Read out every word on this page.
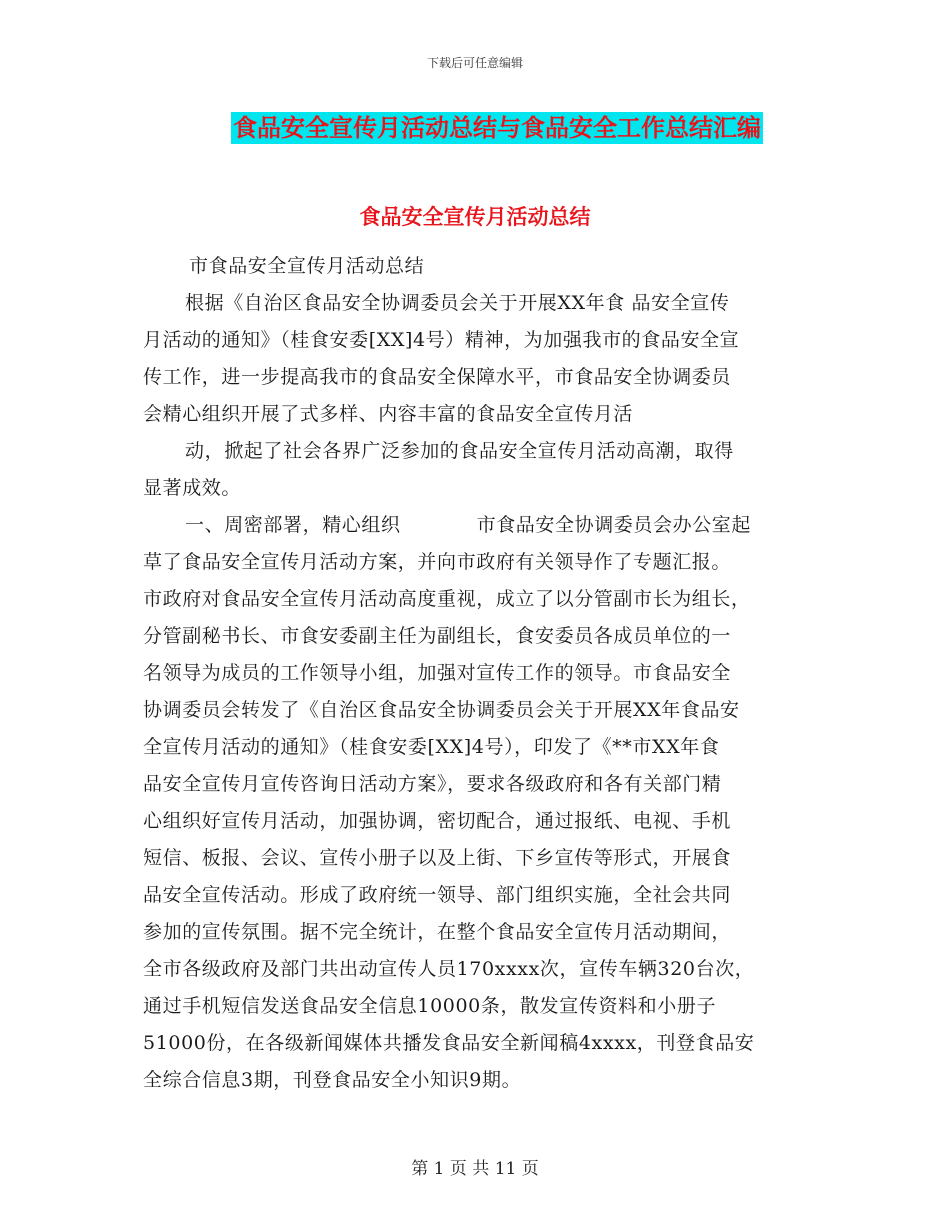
下载后可任意编辑
食品安全宣传月活动总结与食品安全工作总结汇编
食品安全宣传月活动总结
市食品安全宣传月活动总结
根据《自治区食品安全协调委员会关于开展XX年食 品安全宣传
月活动的通知》（桂食安委[XX]4号）精神，为加强我市的食品安全宣
传工作，进一步提高我市的食品安全保障水平，市食品安全协调委员
会精心组织开展了式多样、内容丰富的食品安全宣传月活
动，掀起了社会各界广泛参加的食品安全宣传月活动高潮，取得
显著成效。
一、周密部署，精心组织	市食品安全协调委员会办公室起
草了食品安全宣传月活动方案，并向市政府有关领导作了专题汇报。
市政府对食品安全宣传月活动高度重视，成立了以分管副市长为组长，
分管副秘书长、市食安委副主任为副组长，食安委员各成员单位的一
名领导为成员的工作领导小组，加强对宣传工作的领导。市食品安全
协调委员会转发了《自治区食品安全协调委员会关于开展XX年食品安
全宣传月活动的通知》（桂食安委[XX]4号），印发了《**市XX年食
品安全宣传月宣传咨询日活动方案》，要求各级政府和各有关部门精
心组织好宣传月活动，加强协调，密切配合，通过报纸、电视、手机
短信、板报、会议、宣传小册子以及上街、下乡宣传等形式，开展食
品安全宣传活动。形成了政府统一领导、部门组织实施，全社会共同
参加的宣传氛围。据不完全统计，在整个食品安全宣传月活动期间，
全市各级政府及部门共出动宣传人员170xxxx次，宣传车辆320台次，
通过手机短信发送食品安全信息10000条，散发宣传资料和小册子
51000份，在各级新闻媒体共播发食品安全新闻稿4xxxx，刊登食品安
全综合信息3期，刊登食品安全小知识9期。
第 1 页 共 11 页
